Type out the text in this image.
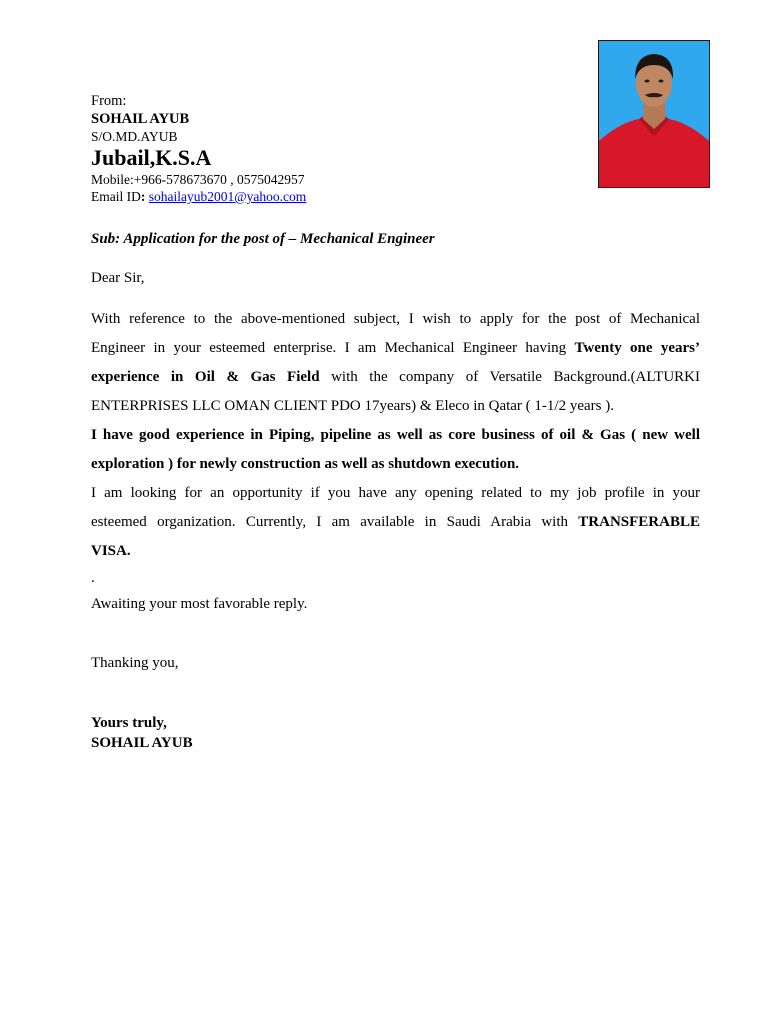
From:
SOHAIL AYUB
S/O.MD.AYUB
Jubail,K.S.A
Mobile:+966-578673670 , 0575042957
Email ID: sohailayub2001@yahoo.com
Sub: Application for the post of – Mechanical Engineer
Dear Sir,
With reference to the above-mentioned subject, I wish to apply for the post of Mechanical
Engineer in your esteemed enterprise. I am Mechanical Engineer having Twenty one years’
experience in Oil & Gas Field with the company of Versatile Background.(ALTURKI
ENTERPRISES LLC OMAN CLIENT PDO 17years) & Eleco in Qatar ( 1-1/2 years ).
I have good experience in Piping, pipeline as well as core business of oil & Gas ( new well
exploration ) for newly construction as well as shutdown execution.
I am looking for an opportunity if you have any opening related to my job profile in your
esteemed organization. Currently, I am available in Saudi Arabia with TRANSFERABLE
VISA.
.
Awaiting your most favorable reply.
Thanking you,
Yours truly,
SOHAIL AYUB
